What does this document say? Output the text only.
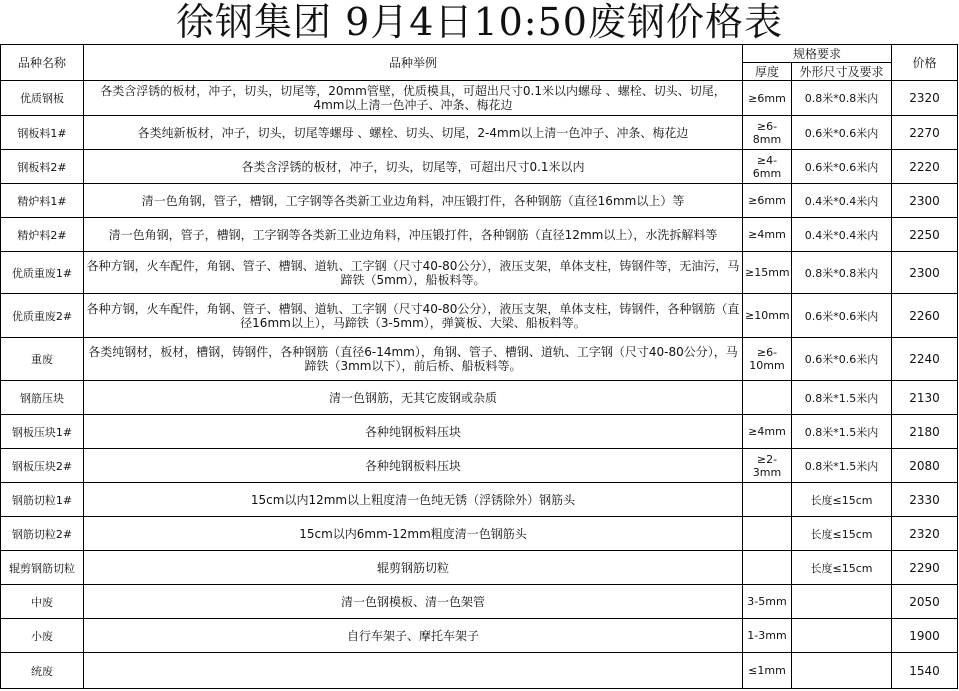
徐钢集团 9月4日10:50废钢价格表
品种名称	品种举例	规格要求		价格
		厚度	外形尺寸及要求	
优质钢板	各类含浮锈的板材，冲子，切头，切尾等，20mm管壁，优质模具，可超出尺寸0.1米以内螺母 、螺栓、切头、切尾，4mm以上清一色冲子、冲条、梅花边	≥6mm	0.8米*0.8米内	2320
钢板料1#	各类纯新板材，冲子，切头，切尾等螺母 、螺栓、切头、切尾，2-4mm以上清一色冲子、冲条、梅花边	≥6-8mm	0.6米*0.6米内	2270
钢板料2#	各类含浮锈的板材，冲子，切头，切尾等，可超出尺寸0.1米以内	≥4-6mm	0.6米*0.6米内	2220
精炉料1#	清一色角钢，管子，槽钢，工字钢等各类新工业边角料，冲压锻打件，各种钢筋（直径16mm以上）等	≥6mm	0.4米*0.4米内	2300
精炉料2#	清一色角钢，管子，槽钢，工字钢等各类新工业边角料，冲压锻打件，各种钢筋（直径12mm以上），水洗拆解料等	≥4mm	0.4米*0.4米内	2250
优质重废1#	各种方钢，火车配件，角钢、管子、槽钢、道轨、工字钢（尺寸40-80公分），液压支架，单体支柱，铸钢件等，无油污，马蹄铁（5mm），船板料等。	≥15mm	0.8米*0.8米内	2300
优质重废2#	各种方钢，火车配件，角钢、管子、槽钢、道轨、工字钢（尺寸40-80公分），液压支架，单体支柱，铸钢件，各种钢筋（直径16mm以上），马蹄铁（3-5mm），弹簧板、大梁、船板料等。	≥10mm	0.6米*0.6米内	2260
重废	各类纯钢材，板材，槽钢，铸钢件，各种钢筋（直径6-14mm），角钢、管子、槽钢、道轨、工字钢（尺寸40-80公分），马蹄铁（3mm以下），前后桥、船板料等。	≥6-10mm	0.6米*0.6米内	2240
钢筋压块	清一色钢筋，无其它废钢或杂质		0.8米*1.5米内	2130
钢板压块1#	各种纯钢板料压块	≥4mm	0.8米*1.5米内	2180
钢板压块2#	各种纯钢板料压块	≥2-3mm	0.8米*1.5米内	2080
钢筋切粒1#	15cm以内12mm以上粗度清一色纯无锈（浮锈除外）钢筋头		长度≤15cm	2330
钢筋切粒2#	15cm以内6mm-12mm粗度清一色钢筋头		长度≤15cm	2320
辊剪钢筋切粒	辊剪钢筋切粒		长度≤15cm	2290
中废	清一色钢模板、清一色架管	3-5mm		2050
小废	自行车架子、摩托车架子	1-3mm		1900
统废		≤1mm		1540
